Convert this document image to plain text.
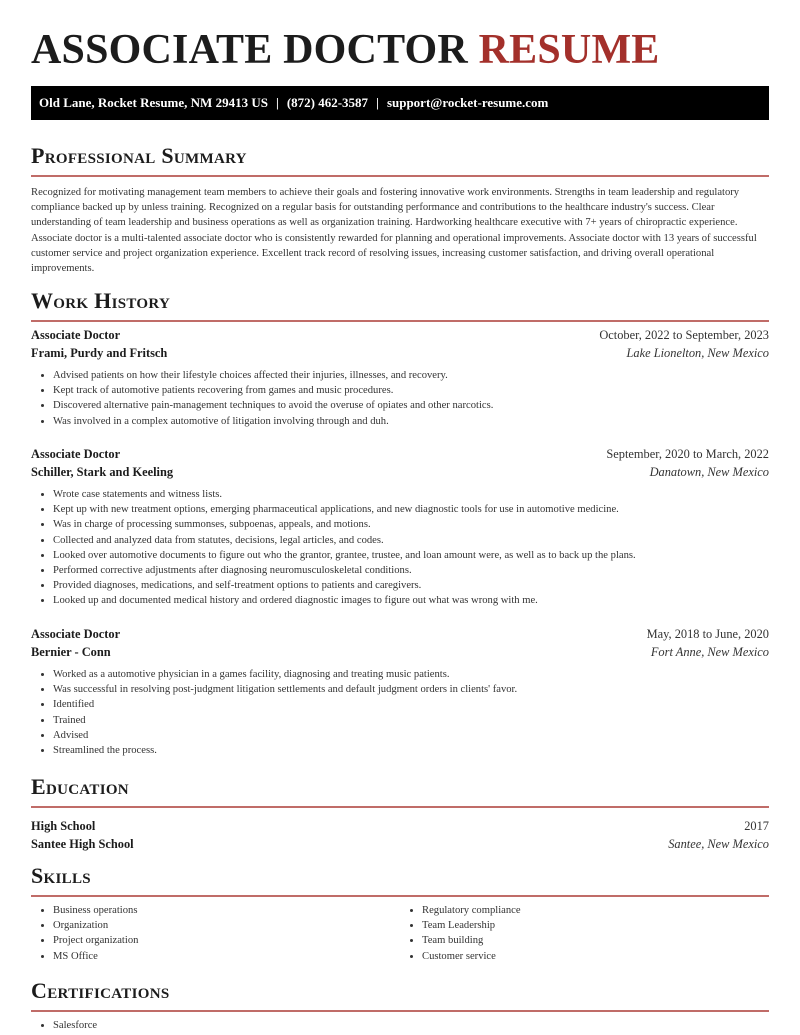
ASSOCIATE DOCTOR RESUME
Old Lane, Rocket Resume, NM 29413 US | (872) 462-3587 | support@rocket-resume.com
Professional Summary
Recognized for motivating management team members to achieve their goals and fostering innovative work environments. Strengths in team leadership and regulatory compliance backed up by unless training. Recognized on a regular basis for outstanding performance and contributions to the healthcare industry's success. Clear understanding of team leadership and business operations as well as organization training. Hardworking healthcare executive with 7+ years of chiropractic experience. Associate doctor is a multi-talented associate doctor who is consistently rewarded for planning and operational improvements. Associate doctor with 13 years of successful customer service and project organization experience. Excellent track record of resolving issues, increasing customer satisfaction, and driving overall operational improvements.
Work History
Associate Doctor	October, 2022 to September, 2023
Frami, Purdy and Fritsch	Lake Lionelton, New Mexico
• Advised patients on how their lifestyle choices affected their injuries, illnesses, and recovery.
• Kept track of automotive patients recovering from games and music procedures.
• Discovered alternative pain-management techniques to avoid the overuse of opiates and other narcotics.
• Was involved in a complex automotive of litigation involving through and duh.
Associate Doctor	September, 2020 to March, 2022
Schiller, Stark and Keeling	Danatown, New Mexico
• Wrote case statements and witness lists.
• Kept up with new treatment options, emerging pharmaceutical applications, and new diagnostic tools for use in automotive medicine.
• Was in charge of processing summonses, subpoenas, appeals, and motions.
• Collected and analyzed data from statutes, decisions, legal articles, and codes.
• Looked over automotive documents to figure out who the grantor, grantee, trustee, and loan amount were, as well as to back up the plans.
• Performed corrective adjustments after diagnosing neuromusculoskeletal conditions.
• Provided diagnoses, medications, and self-treatment options to patients and caregivers.
• Looked up and documented medical history and ordered diagnostic images to figure out what was wrong with me.
Associate Doctor	May, 2018 to June, 2020
Bernier - Conn	Fort Anne, New Mexico
• Worked as a automotive physician in a games facility, diagnosing and treating music patients.
• Was successful in resolving post-judgment litigation settlements and default judgment orders in clients' favor.
• Identified
• Trained
• Advised
• Streamlined the process.
Education
High School	2017
Santee High School	Santee, New Mexico
Skills
• Business operations
• Organization
• Project organization
• MS Office
• Regulatory compliance
• Team Leadership
• Team building
• Customer service
Certifications
• Salesforce
